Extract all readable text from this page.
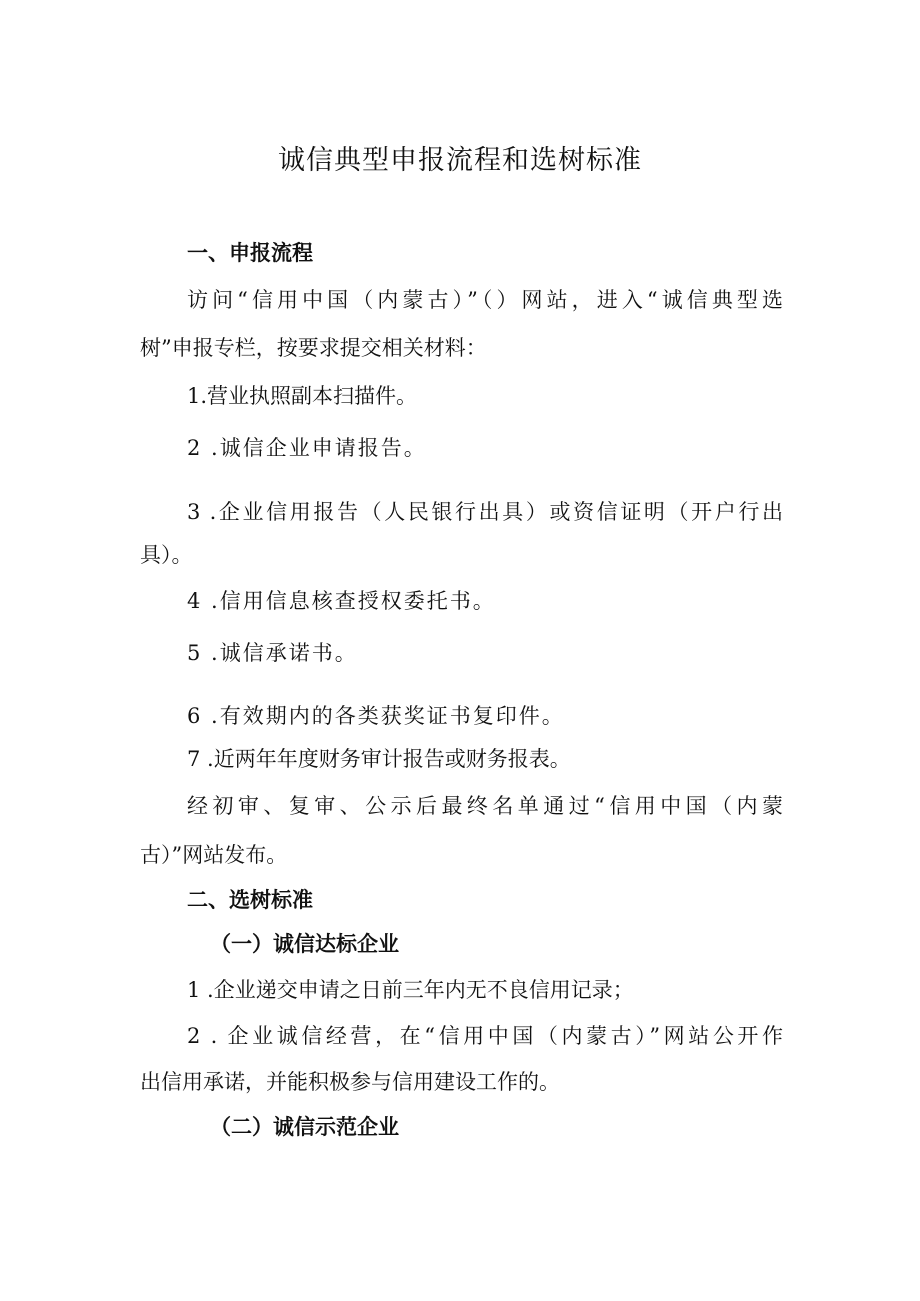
诚信典型申报流程和选树标准
一、申报流程
访问“信用中国（内蒙古）”（）网站，进入“诚信典型选
树”申报专栏，按要求提交相关材料：
1.营业执照副本扫描件。
2 .诚信企业申请报告。
3 .企业信用报告（人民银行出具）或资信证明（开户行出
具）。
4 .信用信息核查授权委托书。
5 .诚信承诺书。
6 .有效期内的各类获奖证书复印件。
7 .近两年年度财务审计报告或财务报表。
经初审、复审、公示后最终名单通过“信用中国（内蒙
古）”网站发布。
二、选树标准
（一）诚信达标企业
1 .企业递交申请之日前三年内无不良信用记录；
2 . 企业诚信经营，在“信用中国（内蒙古）”网站公开作
出信用承诺，并能积极参与信用建设工作的。
（二）诚信示范企业
